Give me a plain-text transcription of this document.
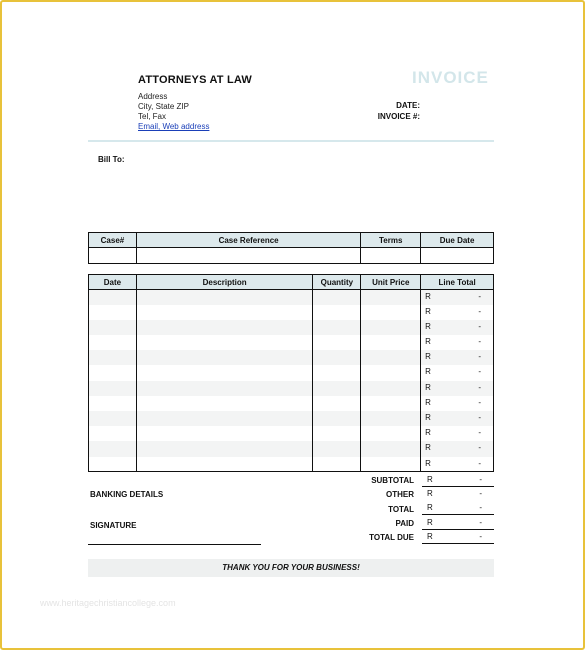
ATTORNEYS AT LAW
Address
City, State ZIP
Tel, Fax
Email, Web address
INVOICE
DATE:
INVOICE #:
Bill To:
Case#	Case Reference	Terms	Due Date

Date	Description	Quantity	Unit Price	Line Total

				R -

				R -

				R -

				R -

				R -

				R -

				R -

				R -

				R -

				R -

				R -

				R -
SUBTOTAL R	-
OTHER R	-
TOTAL R	-
PAID R	-
TOTAL DUE R	-
BANKING DETAILS
SIGNATURE
THANK YOU FOR YOUR BUSINESS!
www.heritagechristiancollege.com
